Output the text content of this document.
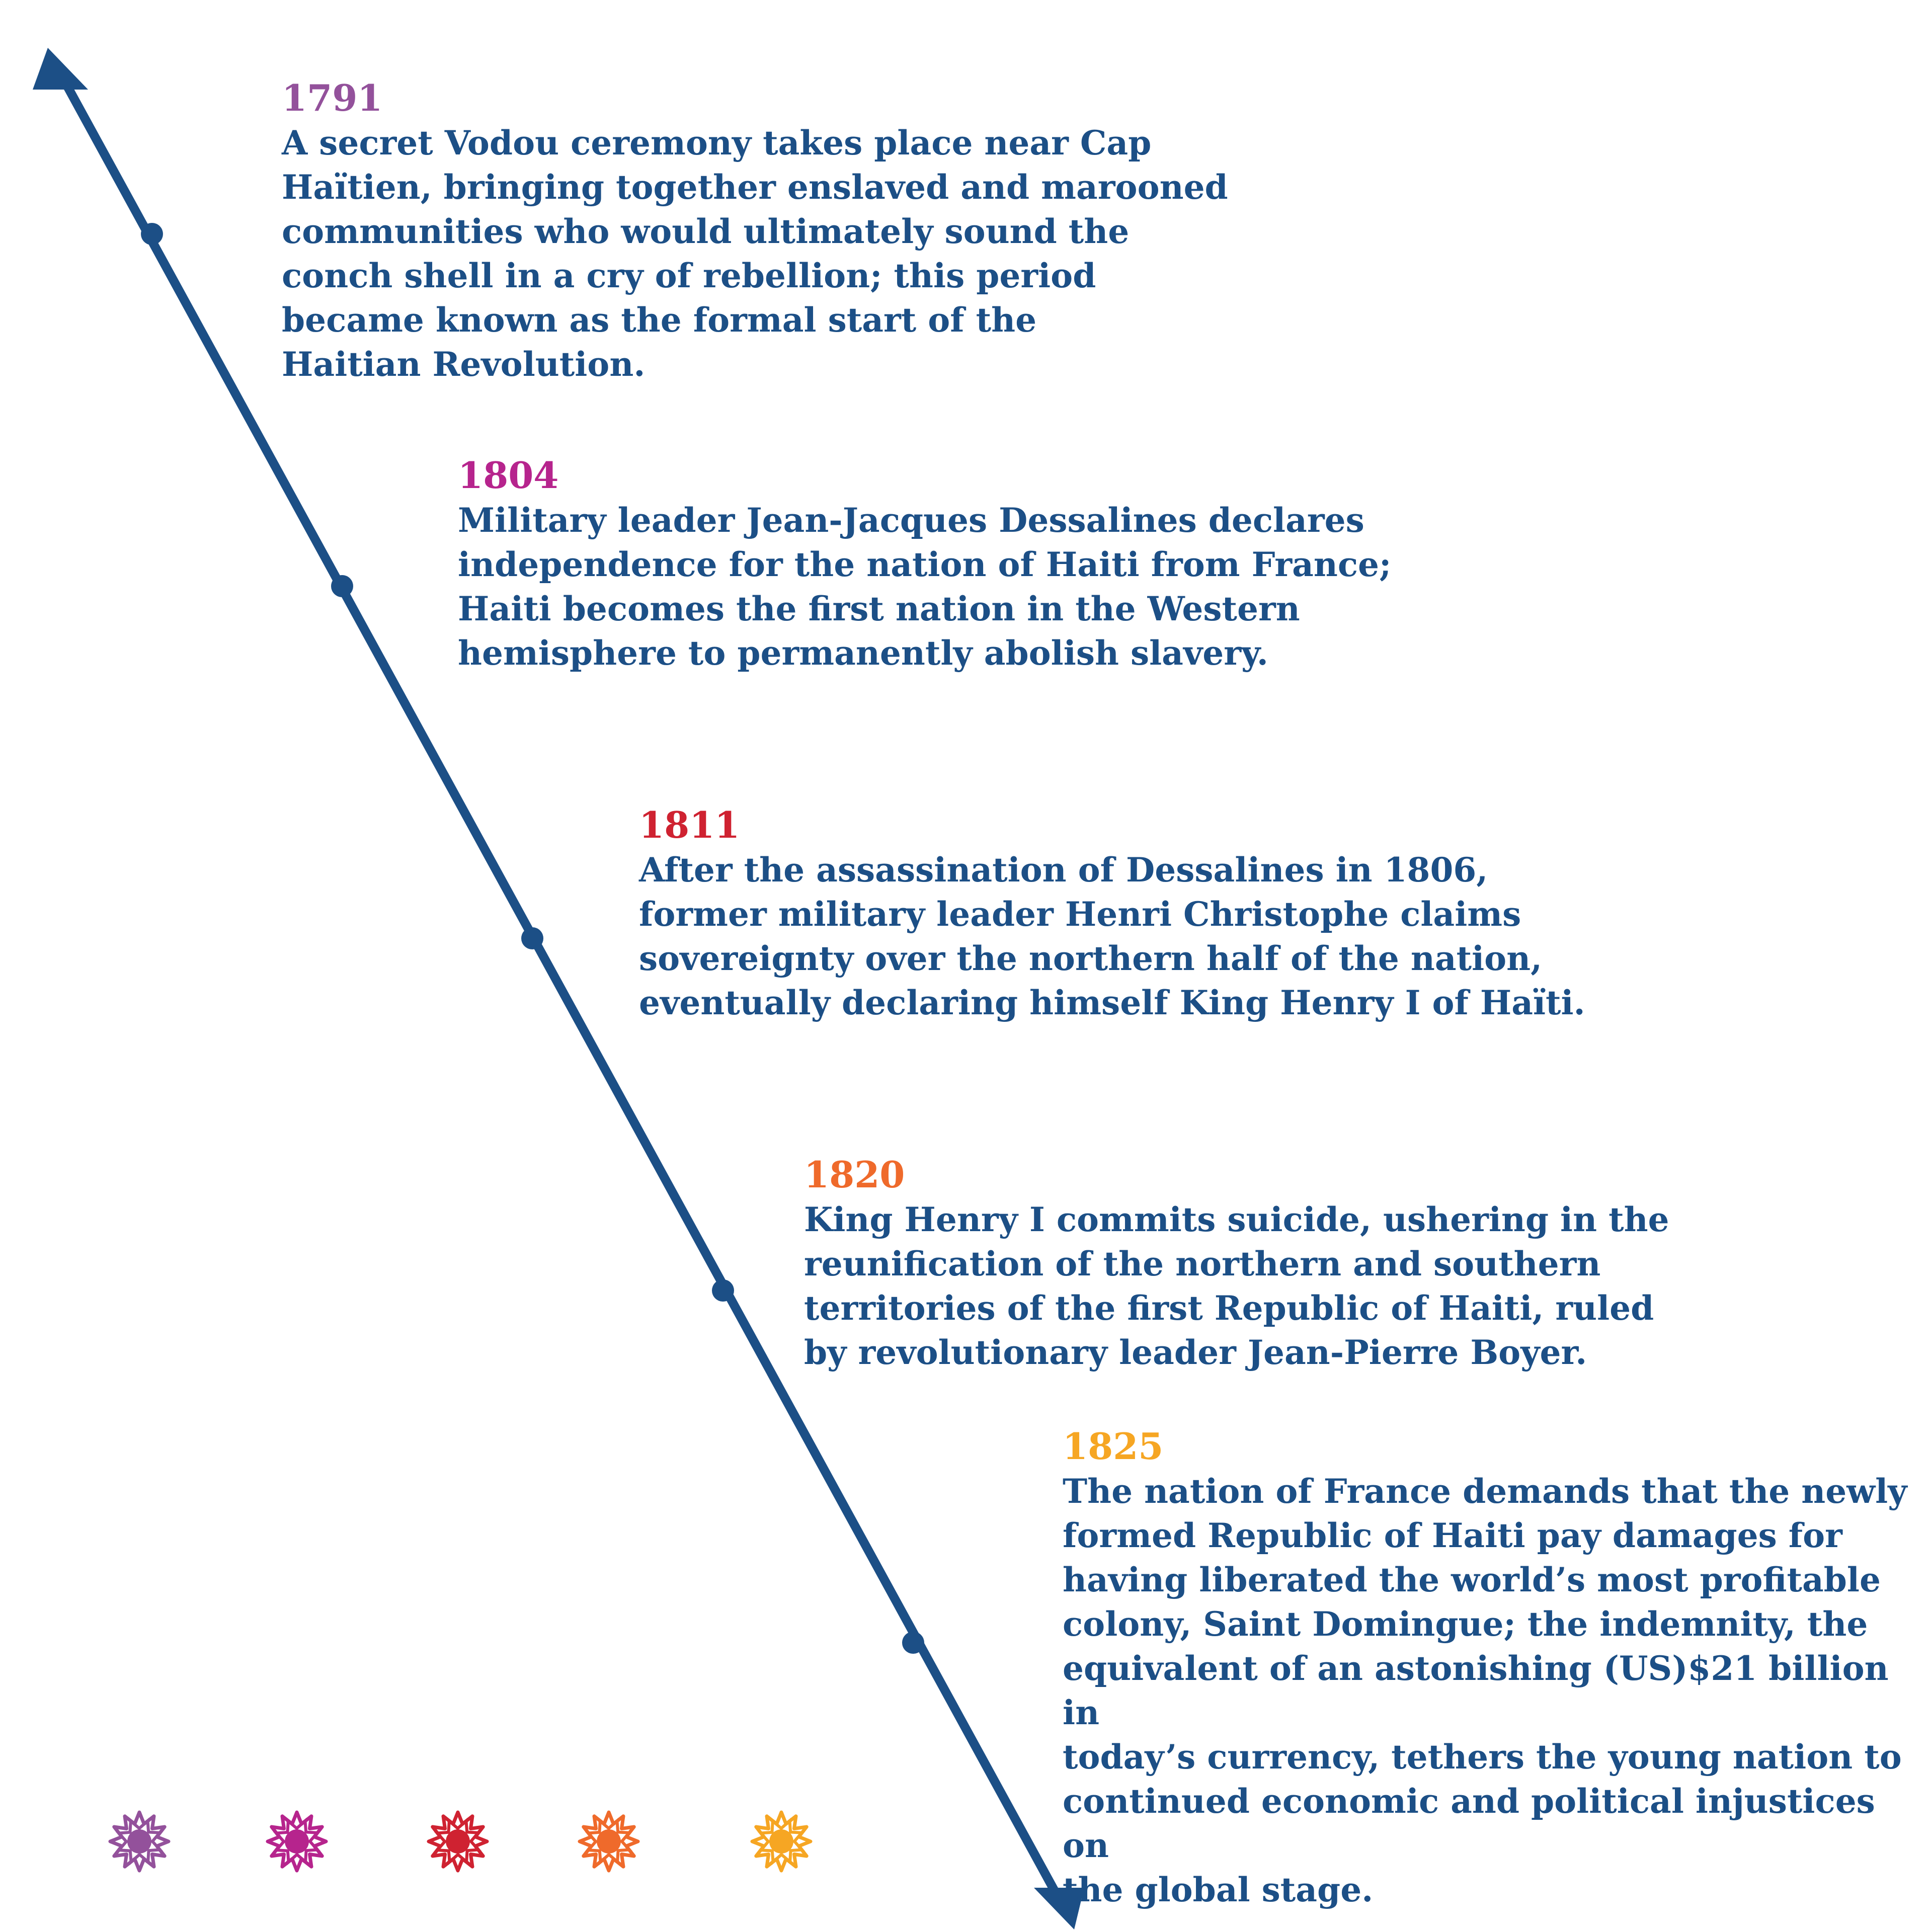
1791

A secret Vodou ceremony takes place near Cap
Haïtien, bringing together enslaved and marooned
communities who would ultimately sound the
conch shell in a cry of rebellion; this period
became known as the formal start of the
Haitian Revolution.

1804

Military leader Jean-Jacques Dessalines declares
independence for the nation of Haiti from France;
Haiti becomes the first nation in the Western
hemisphere to permanently abolish slavery.

1811

After the assassination of Dessalines in 1806,
former military leader Henri Christophe claims
sovereignty over the northern half of the nation,
eventually declaring himself King Henry I of Haïti.

1820

King Henry I commits suicide, ushering in the
reunification of the northern and southern
territories of the first Republic of Haiti, ruled
by revolutionary leader Jean-Pierre Boyer.

1825

The nation of France demands that the newly
formed Republic of Haiti pay damages for
having liberated the world’s most profitable
colony, Saint Domingue; the indemnity, the
equivalent of an astonishing (US)$21 billion in
today’s currency, tethers the young nation to
continued economic and political injustices on
the global stage.
